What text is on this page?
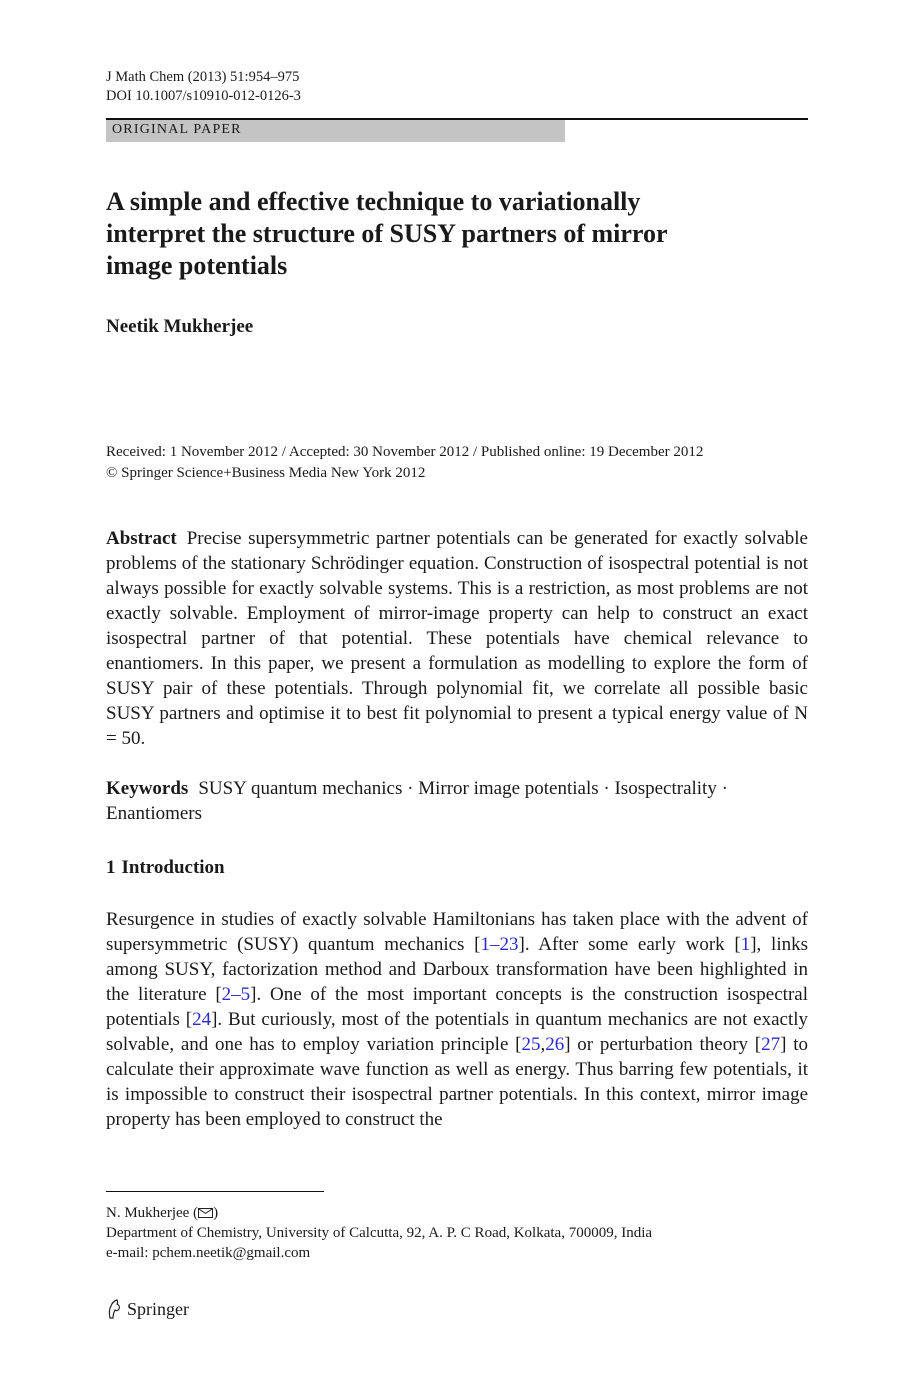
J Math Chem (2013) 51:954–975
DOI 10.1007/s10910-012-0126-3
ORIGINAL PAPER
A simple and effective technique to variationally interpret the structure of SUSY partners of mirror image potentials
Neetik Mukherjee
Received: 1 November 2012 / Accepted: 30 November 2012 / Published online: 19 December 2012
© Springer Science+Business Media New York 2012

Abstract Precise supersymmetric partner potentials can be generated for exactly solvable problems of the stationary Schrödinger equation. Construction of isospectral potential is not always possible for exactly solvable systems. This is a restriction, as most problems are not exactly solvable. Employment of mirror-image property can help to construct an exact isospectral partner of that potential. These potentials have chemical relevance to enantiomers. In this paper, we present a formulation as modelling to explore the form of SUSY pair of these potentials. Through polynomial fit, we correlate all possible basic SUSY partners and optimise it to best fit polynomial to present a typical energy value of N = 50.

Keywords SUSY quantum mechanics · Mirror image potentials · Isospectrality · Enantiomers

1 Introduction

Resurgence in studies of exactly solvable Hamiltonians has taken place with the advent of supersymmetric (SUSY) quantum mechanics [1–23]. After some early work [1], links among SUSY, factorization method and Darboux transformation have been highlighted in the literature [2–5]. One of the most important concepts is the construction isospectral potentials [24]. But curiously, most of the potentials in quantum mechanics are not exactly solvable, and one has to employ variation principle [25,26] or perturbation theory [27] to calculate their approximate wave function as well as energy. Thus barring few potentials, it is impossible to construct their isospectral partner potentials. In this context, mirror image property has been employed to construct the

N. Mukherjee ( )
Department of Chemistry, University of Calcutta, 92, A. P. C Road, Kolkata, 700009, India
e-mail: pchem.neetik@gmail.com
Springer
